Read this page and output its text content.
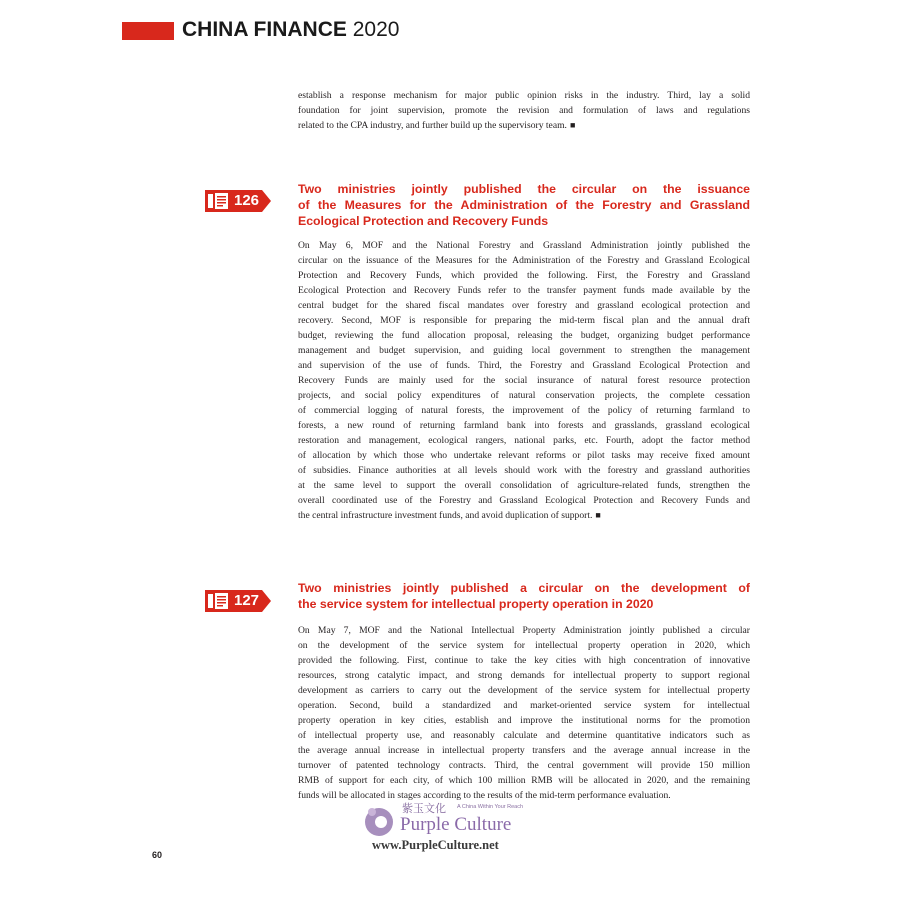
CHINA FINANCE 2020
establish a response mechanism for major public opinion risks in the industry. Third, lay a solid
foundation for joint supervision, promote the revision and formulation of laws and regulations
related to the CPA industry, and further build up the supervisory team. ■
126
Two ministries jointly published the circular on the issuance
of the Measures for the Administration of the Forestry and Grassland
Ecological Protection and Recovery Funds
On May 6, MOF and the National Forestry and Grassland Administration jointly published the
circular on the issuance of the Measures for the Administration of the Forestry and Grassland Ecological
Protection and Recovery Funds, which provided the following. First, the Forestry and Grassland
Ecological Protection and Recovery Funds refer to the transfer payment funds made available by the
central budget for the shared fiscal mandates over forestry and grassland ecological protection and
recovery. Second, MOF is responsible for preparing the mid-term fiscal plan and the annual draft
budget, reviewing the fund allocation proposal, releasing the budget, organizing budget performance
management and budget supervision, and guiding local government to strengthen the management
and supervision of the use of funds. Third, the Forestry and Grassland Ecological Protection and
Recovery Funds are mainly used for the social insurance of natural forest resource protection
projects, and social policy expenditures of natural conservation projects, the complete cessation
of commercial logging of natural forests, the improvement of the policy of returning farmland to
forests, a new round of returning farmland bank into forests and grasslands, grassland ecological
restoration and management, ecological rangers, national parks, etc. Fourth, adopt the factor method
of allocation by which those who undertake relevant reforms or pilot tasks may receive fixed amount
of subsidies. Finance authorities at all levels should work with the forestry and grassland authorities
at the same level to support the overall consolidation of agriculture-related funds, strengthen the
overall coordinated use of the Forestry and Grassland Ecological Protection and Recovery Funds and
the central infrastructure investment funds, and avoid duplication of support. ■
127
Two ministries jointly published a circular on the development of
the service system for intellectual property operation in 2020
On May 7, MOF and the National Intellectual Property Administration jointly published a circular
on the development of the service system for intellectual property operation in 2020, which
provided the following. First, continue to take the key cities with high concentration of innovative
resources, strong catalytic impact, and strong demands for intellectual property to support regional
development as carriers to carry out the development of the service system for intellectual property
operation. Second, build a standardized and market-oriented service system for intellectual
property operation in key cities, establish and improve the institutional norms for the promotion
of intellectual property use, and reasonably calculate and determine quantitative indicators such as
the average annual increase in intellectual property transfers and the average annual increase in the
turnover of patented technology contracts. Third, the central government will provide 150 million
RMB of support for each city, of which 100 million RMB will be allocated in 2020, and the remaining
funds will be allocated in stages according to the results of the mid-term performance evaluation.
60
紫玉文化 A China Within Your Reach
Purple Culture
www.PurpleCulture.net
